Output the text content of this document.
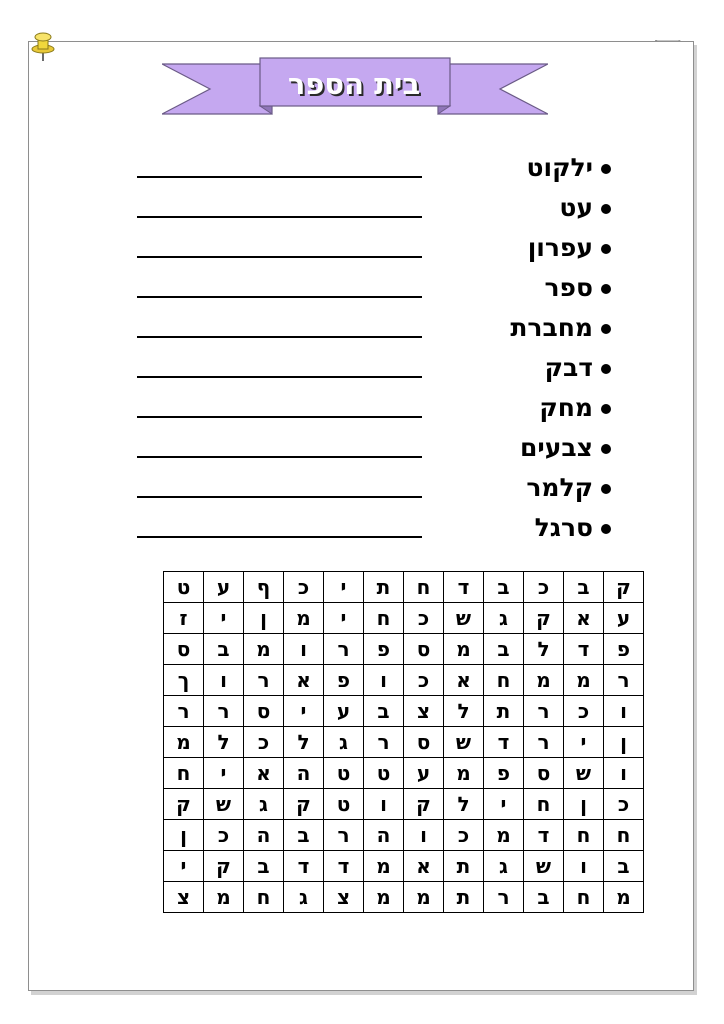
בית הספר
ילקוט
עט
עפרון
ספר
מחברת
דבק
מחק
צבעים
קלמר
סרגל
ט	ע	ף	כ	י	ת	ח	ד	ב	כ	ב	ק
ז	י	ן	מ	י	ח	כ	ש	ג	ק	א	ע
ס	ב	מ	ו	ר	פ	ס	מ	ב	ל	ד	פ
ך	ו	ר	א	פ	ו	כ	א	ח	מ	מ	ר
ר	ר	ס	י	ע	ב	צ	ל	ת	ר	כ	ו
מ	ל	כ	ל	ג	ר	ס	ש	ד	ר	י	ן
ח	י	א	ה	ט	ט	ע	מ	פ	ס	ש	ו
ק	ש	ג	ק	ט	ו	ק	ל	י	ח	ן	כ
ן	כ	ה	ב	ר	ה	ו	כ	מ	ד	ח	ח
י	ק	ב	ד	ד	מ	א	ת	ג	ש	ו	ב
צ	מ	ח	ג	צ	מ	מ	ת	ר	ב	ח	מ
